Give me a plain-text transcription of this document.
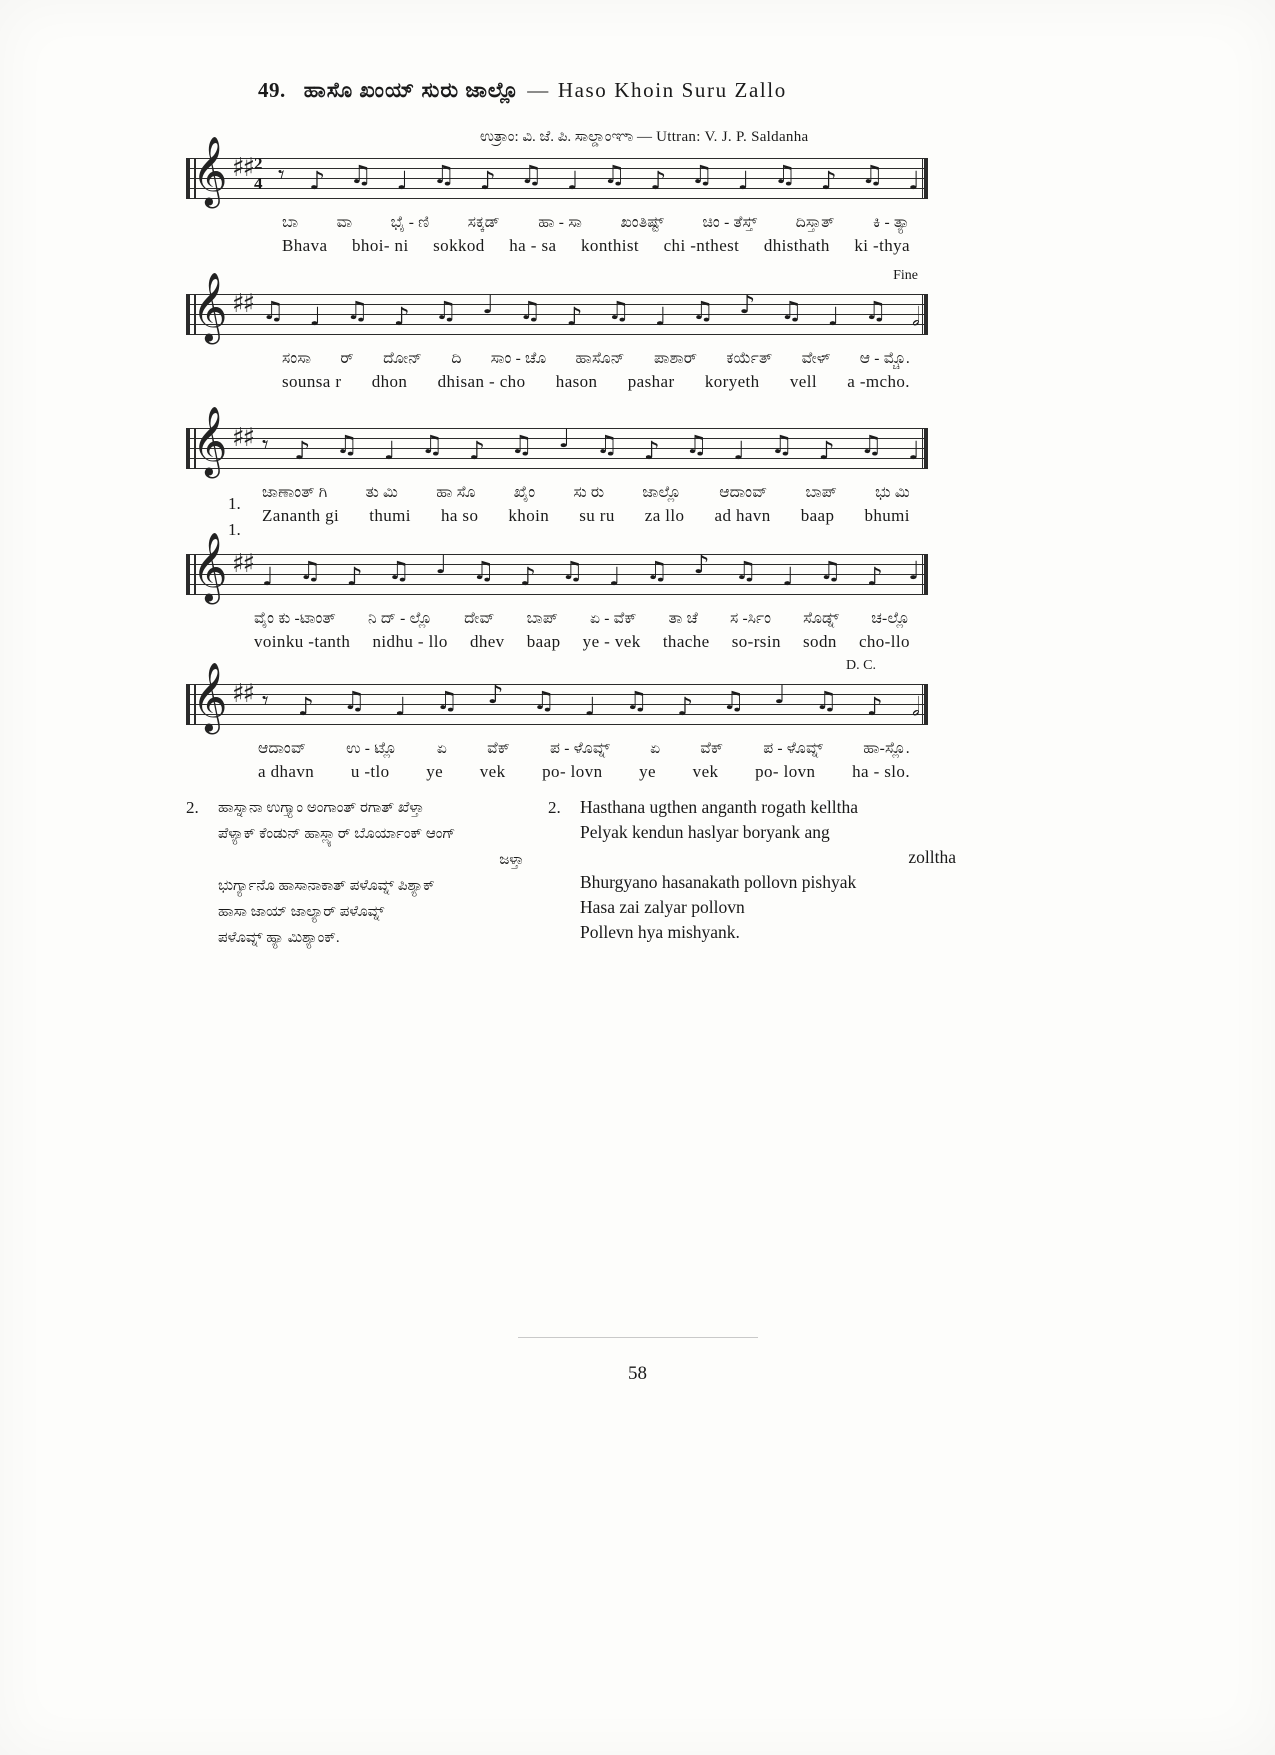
49. ಹಾಸೊ ಖಂಯ್ ಸುರು ಜಾಲ್ಲೊ — Haso Khoin Suru Zallo
ಉತ್ರಾಂ: ವಿ. ಜೆ. ಪಿ. ಸಾಲ್ಡಾಂಞಾ — Uttran: V. J. P. Saldanha
𝄞 ♯♯ 2
4 𝄾 ♪ ♫ ♩ ♫ ♪ ♫ ♩ ♫ ♪ ♫ ♩ ♫ ♪ ♫ ♩
ಬಾ ವಾ ಭೈ - ಣಿ ಸಕ್ಕಡ್ ಹಾ - ಸಾ ಖಂತಿಷ್ಟ್ ಚಿಂ - ತೆಸ್ತ್ ದಿಸ್ತಾತ್ ಕಿ - ತ್ಯಾ
Bhava bhoi- ni sokkod ha - sa konthist chi -nthest dhisthath ki -thya
Fine
𝄞 ♯♯ ♫ ♩ ♫ ♪ ♫ ♩ ♫ ♪ ♫ ♩ ♫ ♪ ♫ ♩ ♫ 𝅗𝅥
ಸಂಸಾ ರ್ ದೋನ್ ದಿ ಸಾಂ - ಚೊ ಹಾಸೊನ್ ಪಾಶಾರ್ ಕರ್ಯೆತ್ ವೇಳ್ ಆ - ಮ್ಚೊ.
sounsa r dhon dhisan - cho hason pashar koryeth vell a -mcho.
𝄞 ♯♯ 𝄾 ♪ ♫ ♩ ♫ ♪ ♫ ♩ ♫ ♪ ♫ ♩ ♫ ♪ ♫ ♩
1.
1.
ಜಾಣಾಂತ್ ಗಿ ತು ಮಿ ಹಾ ಸೊ ಖೈಂ ಸು ರು ಜಾಲ್ಲೊ ಆದಾಂವ್ ಬಾಪ್ ಭು ಮಿ
Zananth gi thumi ha so khoin su ru za llo ad havn baap bhumi
𝄞 ♯♯ ♩ ♫ ♪ ♫ ♩ ♫ ♪ ♫ ♩ ♫ ♪ ♫ ♩ ♫ ♪ ♩
ವೈಂ ಕು -ಟಾಂತ್ ನಿ ದ್ - ಲ್ಲೊ ದೇವ್ ಬಾಪ್ ಏ - ವೆಕ್ ತಾ ಚೆ ಸ -ರ್ಸಿಂ ಸೊಡ್ನ್ ಚ-ಲ್ಲೊ
voinku -tanth nidhu - llo dhev baap ye - vek thache so-rsin sodn cho-llo
D. C.
𝄞 ♯♯ 𝄾 ♪ ♫ ♩ ♫ ♪ ♫ ♩ ♫ ♪ ♫ ♩ ♫ ♪ 𝅗𝅥
ಆದಾಂವ್	ಉ - ಟ್ಲೊ	ಏ	ವೆಕ್	ಪ - ಳೊವ್ನ್	ಏ	ವೆಕ್	ಪ - ಳೊವ್ನ್	ಹಾ-ಸ್ಲೊ.
a dhavn u -tlo ye vek po- lovn ye vek po- lovn ha - slo.
2. ಹಾಸ್ನಾನಾ ಉಗ್ತ್ಯಾಂ ಅಂಗಾಂತ್ ರಗಾತ್ ಖೆಳ್ತಾ
ಪೆಳ್ಯಾಕ್ ಕೆಂಡುನ್ ಹಾಸ್ಲ್ಯಾರ್ ಬೊರ್ಯಾಂಕ್ ಆಂಗ್
ಜಳ್ತಾ
ಭುರ್ಗ್ಯಾನೊ ಹಾಸಾನಾಕಾತ್ ಪಳೊವ್ನ್ ಪಿಶ್ಯಾಕ್
ಹಾಸಾ ಜಾಯ್ ಜಾಲ್ಯಾರ್ ಪಳೊವ್ನ್
ಪಳೊವ್ನ್ ಹ್ಯಾ ಮಿಶ್ಯಾಂಕ್.
2. Hasthana ugthen anganth rogath kelltha
Pelyak kendun haslyar boryank ang
zolltha
Bhurgyano hasanakath pollovn pishyak
Hasa zai zalyar pollovn
Pollevn hya mishyank.
58
